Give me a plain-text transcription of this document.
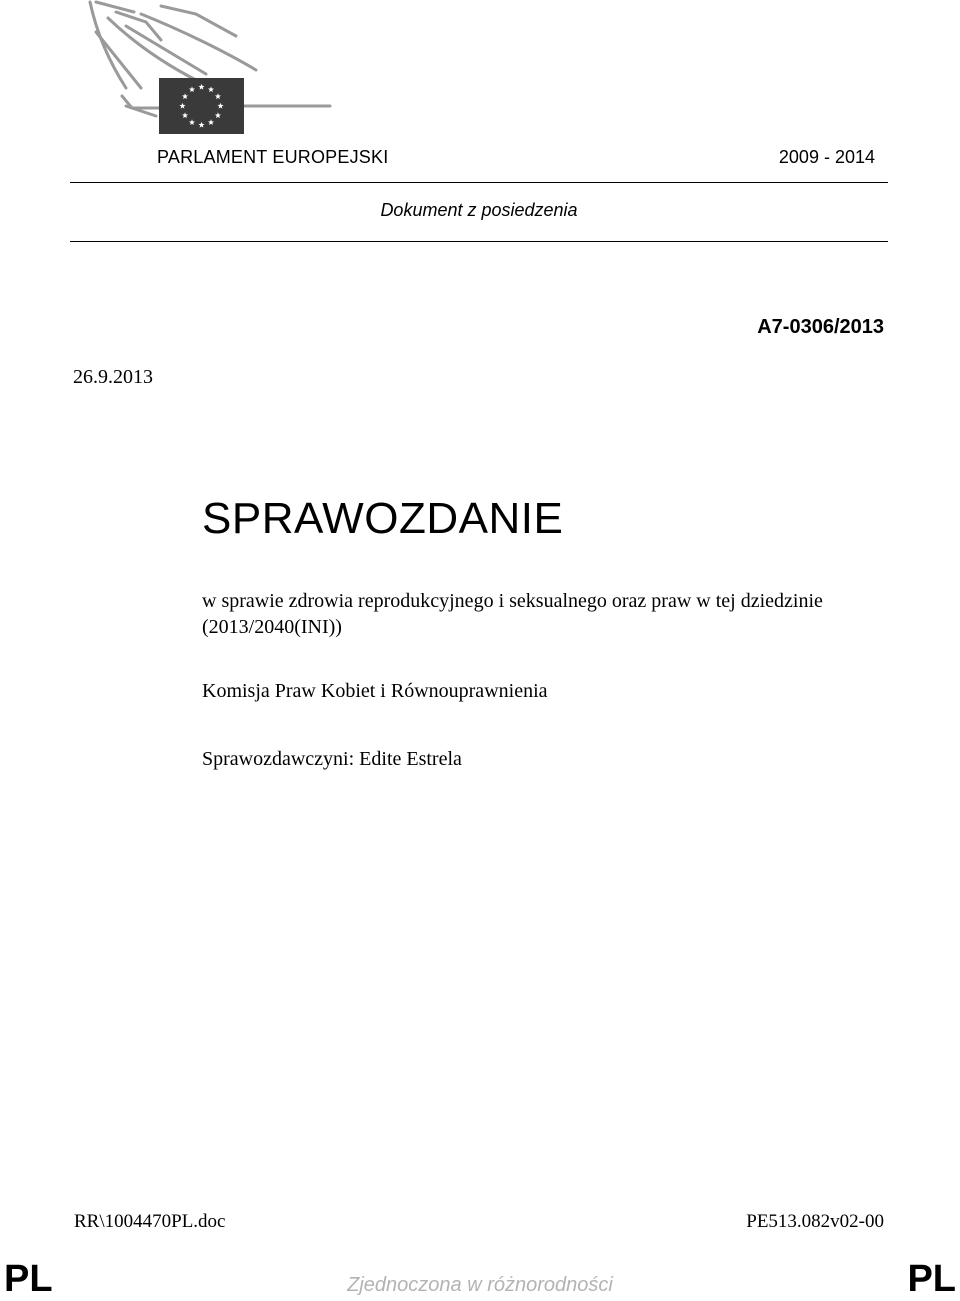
PARLAMENT EUROPEJSKI	2009 - 2014
Dokument z posiedzenia
A7-0306/2013
26.9.2013
SPRAWOZDANIE
w sprawie zdrowia reprodukcyjnego i seksualnego oraz praw w tej dziedzinie
(2013/2040(INI))
Komisja Praw Kobiet i Równouprawnienia
Sprawozdawczyni: Edite Estrela
RR\1004470PL.doc	PE513.082v02-00
PL	Zjednoczona w różnorodności	PL
